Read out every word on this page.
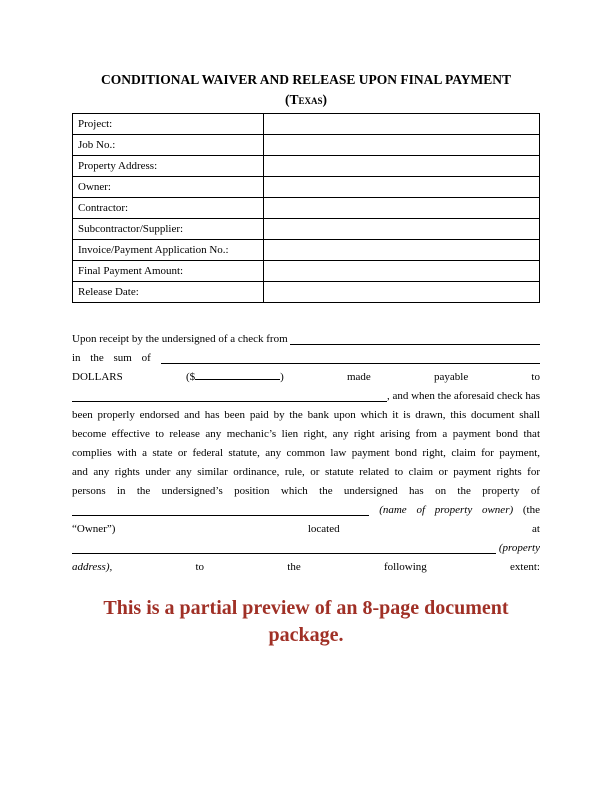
CONDITIONAL WAIVER AND RELEASE UPON FINAL PAYMENT
(Texas)
Project:	
Job No.:	
Property Address:	
Owner:	
Contractor:	
Subcontractor/Supplier:	
Invoice/Payment Application No.:	
Final Payment Amount:	
Release Date:	
Upon receipt by the undersigned of a check from
in the sum of
DOLLARS	($	)	made	payable	to
, and when the aforesaid check has
been properly endorsed and has been paid by the bank upon which it is drawn, this document shall
become effective to release any mechanic’s lien right, any right arising from a payment bond that
complies with a state or federal statute, any common law payment bond right, claim for payment,
and any rights under any similar ordinance, rule, or statute related to claim or payment rights for
persons in the undersigned’s position which the undersigned has on the property of
(name of property owner) (the
“Owner”)	located	at
(property
address),	to	the	following	extent:
This is a partial preview of an 8-page document package.
